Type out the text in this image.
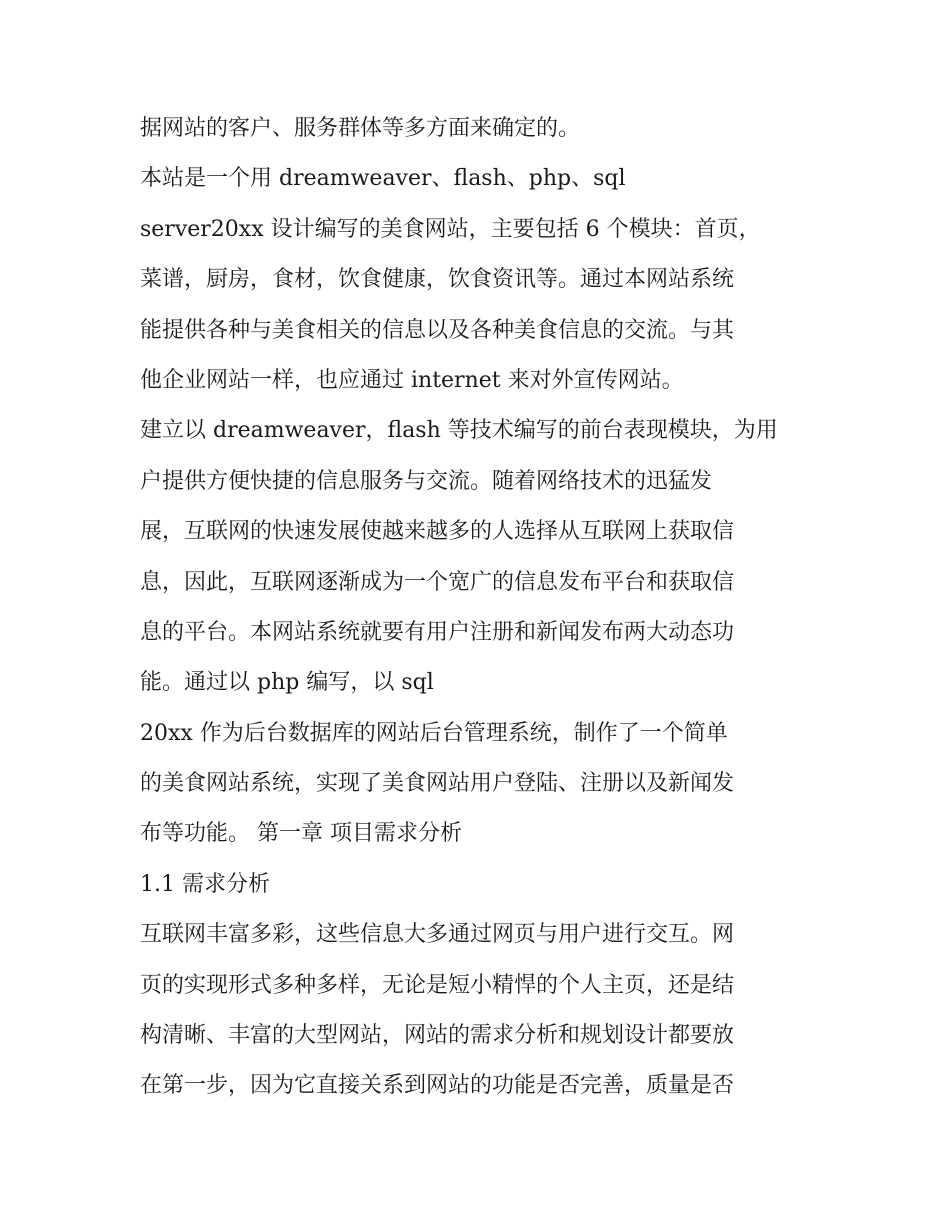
据网站的客户、服务群体等多方面来确定的。
本站是一个用 dreamweaver、flash、php、sql
server20xx 设计编写的美食网站，主要包括 6 个模块：首页，
菜谱，厨房，食材，饮食健康，饮食资讯等。通过本网站系统
能提供各种与美食相关的信息以及各种美食信息的交流。与其
他企业网站一样，也应通过 internet 来对外宣传网站。
建立以 dreamweaver，flash 等技术编写的前台表现模块，为用
户提供方便快捷的信息服务与交流。随着网络技术的迅猛发
展，互联网的快速发展使越来越多的人选择从互联网上获取信
息，因此，互联网逐渐成为一个宽广的信息发布平台和获取信
息的平台。本网站系统就要有用户注册和新闻发布两大动态功
能。通过以 php 编写，以 sql
20xx 作为后台数据库的网站后台管理系统，制作了一个简单
的美食网站系统，实现了美食网站用户登陆、注册以及新闻发
布等功能。 第一章 项目需求分析
1.1 需求分析
互联网丰富多彩，这些信息大多通过网页与用户进行交互。网
页的实现形式多种多样，无论是短小精悍的个人主页，还是结
构清晰、丰富的大型网站，网站的需求分析和规划设计都要放
在第一步，因为它直接关系到网站的功能是否完善，质量是否
